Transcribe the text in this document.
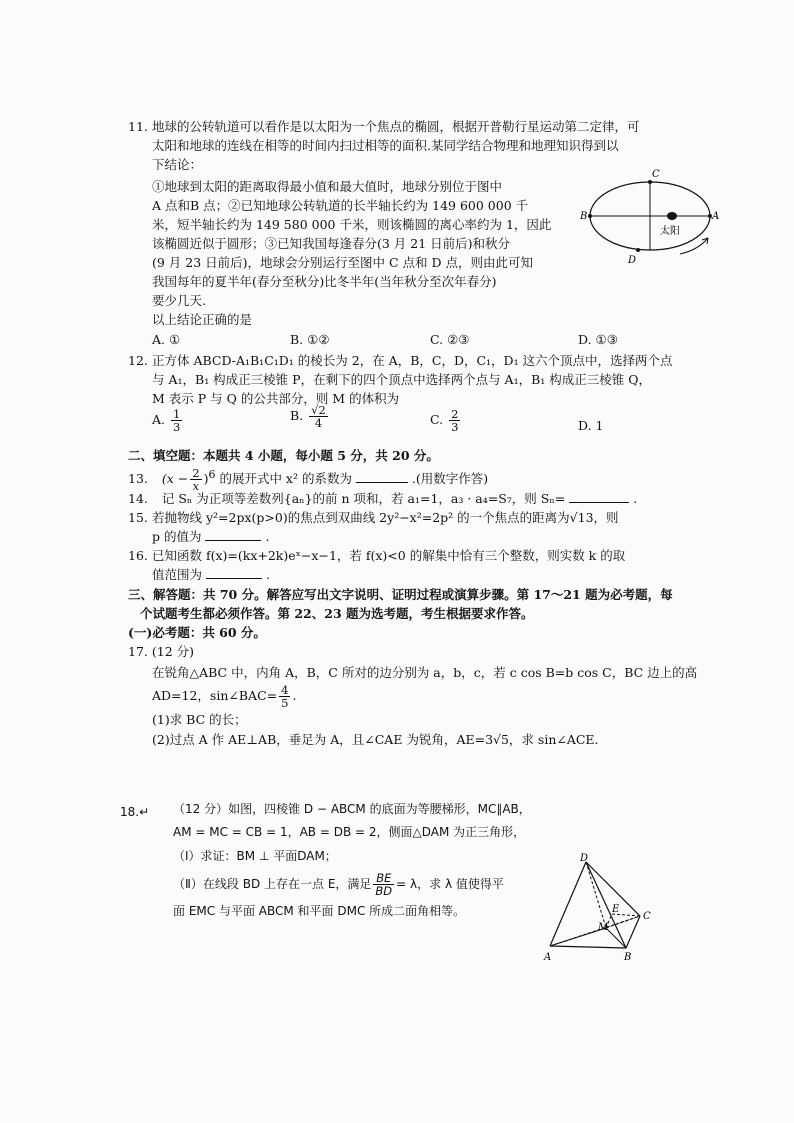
11. 地球的公转轨道可以看作是以太阳为一个焦点的椭圆，根据开普勒行星运动第二定律，可
太阳和地球的连线在相等的时间内扫过相等的面积.某同学结合物理和地理知识得到以
下结论：
①地球到太阳的距离取得最小值和最大值时，地球分别位于图中
A 点和B 点；②已知地球公转轨道的长半轴长约为 149 600 000 千
米，短半轴长约为 149 580 000 千米，则该椭圆的离心率约为 1，因此
该椭圆近似于圆形；③已知我国每逢春分(3 月 21 日前后)和秋分
(9 月 23 日前后)，地球会分别运行至图中 C 点和 D 点，则由此可知
我国每年的夏半年(春分至秋分)比冬半年(当年秋分至次年春分)
要少几天.
以上结论正确的是
A. ①	B. ①②	C. ②③	D. ①③
C
B	A
D
太阳
12. 正方体 ABCD-A₁B₁C₁D₁ 的棱长为 2，在 A，B，C，D，C₁，D₁ 这六个顶点中，选择两个点
与 A₁，B₁ 构成正三棱锥 P，在剩下的四个顶点中选择两个点与 A₁，B₁ 构成正三棱锥 Q，
M 表示 P 与 Q 的公共部分，则 M 的体积为
A. $\frac{1}{3}$	B. $\frac{√2}{4}$	C. $\frac{2}{3}$	D. 1
二、填空题：本题共 4 小题，每小题 5 分，共 20 分。
13. $(x - \frac{2}{x} )^6$ 的展开式中 x² 的系数为	.(用数字作答)
14. 记 Sₙ 为正项等差数列{aₙ}的前 n 项和，若 a₁=1，a₃ · a₄=S₇，则 Sₙ=	.
15. 若抛物线 y²=2px(p>0)的焦点到双曲线 2y²−x²=2p² 的一个焦点的距离为√13，则
p 的值为	.
16. 已知函数 f(x)=(kx+2k)eˣ−x−1，若 f(x)<0 的解集中恰有三个整数，则实数 k 的取
值范围为	.
三、解答题：共 70 分。解答应写出文字说明、证明过程或演算步骤。第 17～21 题为必考题，每
个试题考生都必须作答。第 22、23 题为选考题，考生根据要求作答。
(一)必考题：共 60 分。
17. (12 分)
在锐角△ABC 中，内角 A，B，C 所对的边分别为 a，b，c，若 c cos B=b cos C，BC 边上的高
AD=12，sin∠BAC= $\frac{4}{5}$ .
(1)求 BC 的长；
(2)过点 A 作 AE⊥AB，垂足为 A，且∠CAE 为锐角，AE=3√5，求 sin∠ACE.
18.↵ （12 分）如图，四棱锥 D − ABCM 的底面为等腰梯形，MC∥AB，
AM = MC = CB = 1，AB = DB = 2，侧面△DAM 为正三角形，
（Ⅰ）求证：BM ⊥ 平面DAM；
（Ⅱ）在线段 BD 上存在一点 E，满足 $\frac{BE}{BD} = \lambda$，求 λ 值使得平
面 EMC 与平面 ABCM 和平面 DMC 所成二面角相等。
D
E
M
C
A	B
